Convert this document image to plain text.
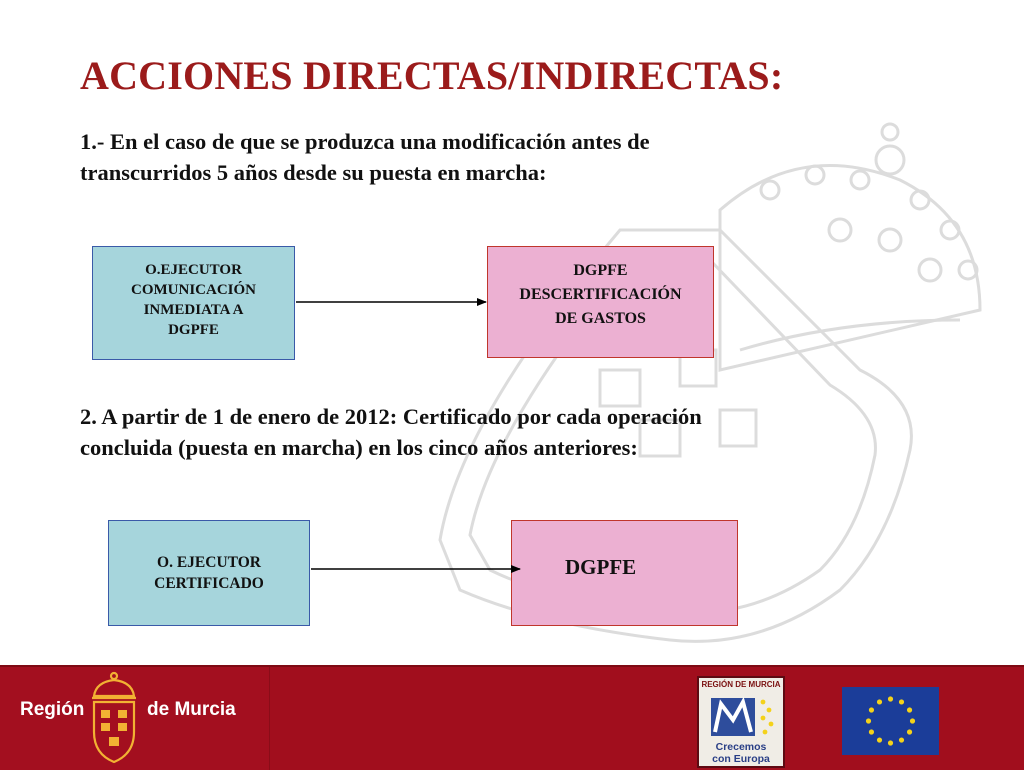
ACCIONES DIRECTAS/INDIRECTAS:

1.- En el caso de que se produzca una modificación antes de
transcurridos 5 años desde su puesta en marcha:

O.EJECUTOR
COMUNICACIÓN
INMEDIATA A
DGPFE
DGPFE
DESCERTIFICACIÓN
DE GASTOS

2. A partir de 1 de enero de 2012: Certificado por cada operación
concluida (puesta en marcha) en los cinco años anteriores:

O. EJECUTOR
CERTIFICADO
DGPFE
Región	de Murcia
REGIÓN DE MURCIA
Crecemos
con Europa
